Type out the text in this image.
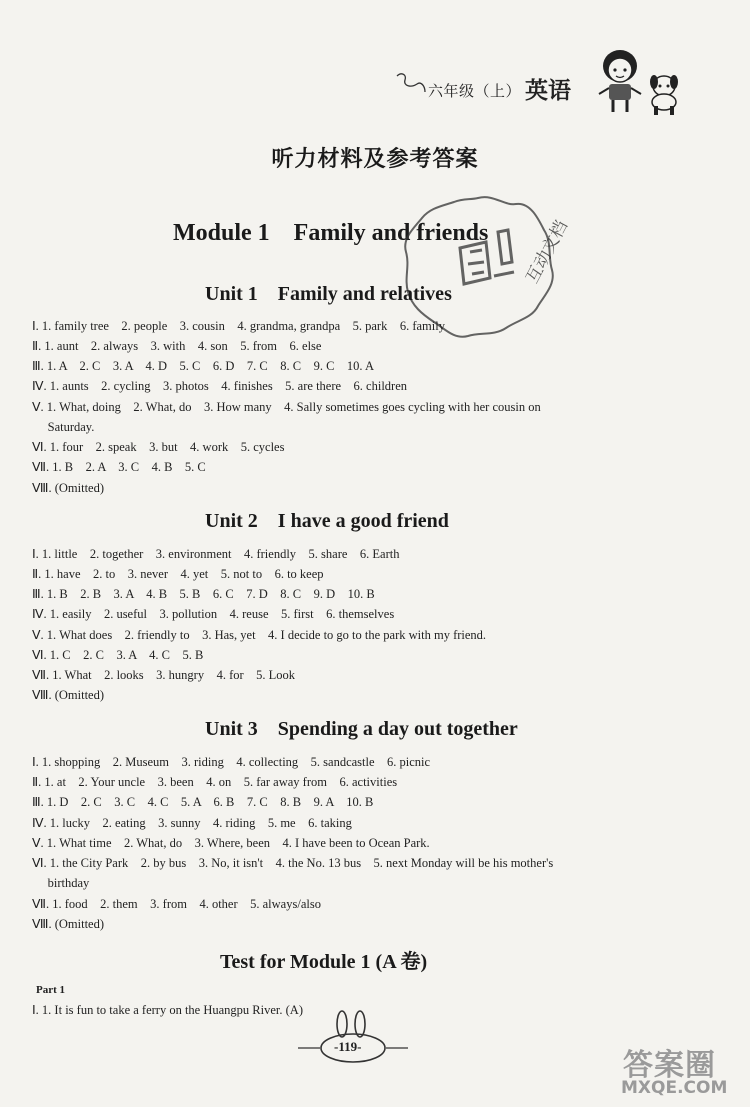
六年级（上） 英语
听力材料及参考答案
Module 1    Family and friends 互动文档
Unit 1    Family and relatives
Ⅰ. 1. family tree    2. people    3. cousin    4. grandma, grandpa    5. park    6. family
Ⅱ. 1. aunt    2. always    3. with    4. son    5. from    6. else
Ⅲ. 1. A    2. C    3. A    4. D    5. C    6. D    7. C    8. C    9. C    10. A
Ⅳ. 1. aunts    2. cycling    3. photos    4. finishes    5. are there    6. children
Ⅴ. 1. What, doing    2. What, do    3. How many    4. Sally sometimes goes cycling with her cousin on
Saturday.
Ⅵ. 1. four    2. speak    3. but    4. work    5. cycles
Ⅶ. 1. B    2. A    3. C    4. B    5. C
Ⅷ. (Omitted)
Unit 2    I have a good friend
Ⅰ. 1. little    2. together    3. environment    4. friendly    5. share    6. Earth
Ⅱ. 1. have    2. to    3. never    4. yet    5. not to    6. to keep
Ⅲ. 1. B    2. B    3. A    4. B    5. B    6. C    7. D    8. C    9. D    10. B
Ⅳ. 1. easily    2. useful    3. pollution    4. reuse    5. first    6. themselves
Ⅴ. 1. What does    2. friendly to    3. Has, yet    4. I decide to go to the park with my friend.
Ⅵ. 1. C    2. C    3. A    4. C    5. B
Ⅶ. 1. What    2. looks    3. hungry    4. for    5. Look
Ⅷ. (Omitted)
Unit 3    Spending a day out together
Ⅰ. 1. shopping    2. Museum    3. riding    4. collecting    5. sandcastle    6. picnic
Ⅱ. 1. at    2. Your uncle    3. been    4. on    5. far away from    6. activities
Ⅲ. 1. D    2. C    3. C    4. C    5. A    6. B    7. C    8. B    9. A    10. B
Ⅳ. 1. lucky    2. eating    3. sunny    4. riding    5. me    6. taking
Ⅴ. 1. What time    2. What, do    3. Where, been    4. I have been to Ocean Park.
Ⅵ. 1. the City Park    2. by bus    3. No, it isn't    4. the No. 13 bus    5. next Monday will be his mother's
birthday
Ⅶ. 1. food    2. them    3. from    4. other    5. always/also
Ⅷ. (Omitted)
Test for Module 1 (A 卷)
Part 1
Ⅰ. 1. It is fun to take a ferry on the Huangpu River. (A)
-119-
答案圈
MXQE.COM
